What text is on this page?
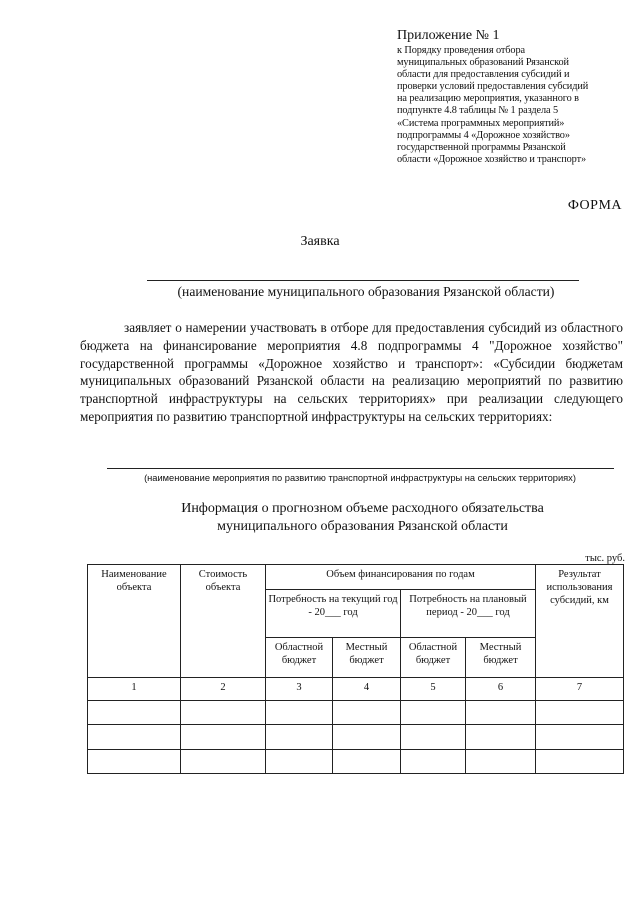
Приложение № 1
к Порядку проведения отбора
муниципальных образований Рязанской
области для предоставления субсидий и
проверки условий предоставления субсидий
на реализацию мероприятия, указанного в
подпункте 4.8 таблицы № 1 раздела 5
«Система программных мероприятий»
подпрограммы 4 «Дорожное хозяйство»
государственной программы Рязанской
области «Дорожное хозяйство и транспорт»
ФОРМА
Заявка
(наименование муниципального образования Рязанской области)
заявляет о намерении участвовать в отборе для предоставления субсидий из областного бюджета на финансирование мероприятия 4.8 подпрограммы 4 "Дорожное хозяйство" государственной программы «Дорожное хозяйство и транспорт»: «Субсидии бюджетам муниципальных образований Рязанской области на реализацию мероприятий по развитию транспортной инфраструктуры на сельских территориях» при реализации следующего мероприятия по развитию транспортной инфраструктуры на сельских территориях:
(наименование мероприятия по развитию транспортной инфраструктуры на сельских территориях)
Информация о прогнозном объеме расходного обязательства
муниципального образования Рязанской области
тыс. руб.
Наименование объекта	Стоимость объекта	Объем финансирования по годам				Результат использования субсидий, км
		Потребность на текущий год - 20___ год		Потребность на плановый период - 20___ год		
		Областной бюджет	Местный бюджет	Областной бюджет	Местный бюджет	
1	2	3	4	5	6	7
